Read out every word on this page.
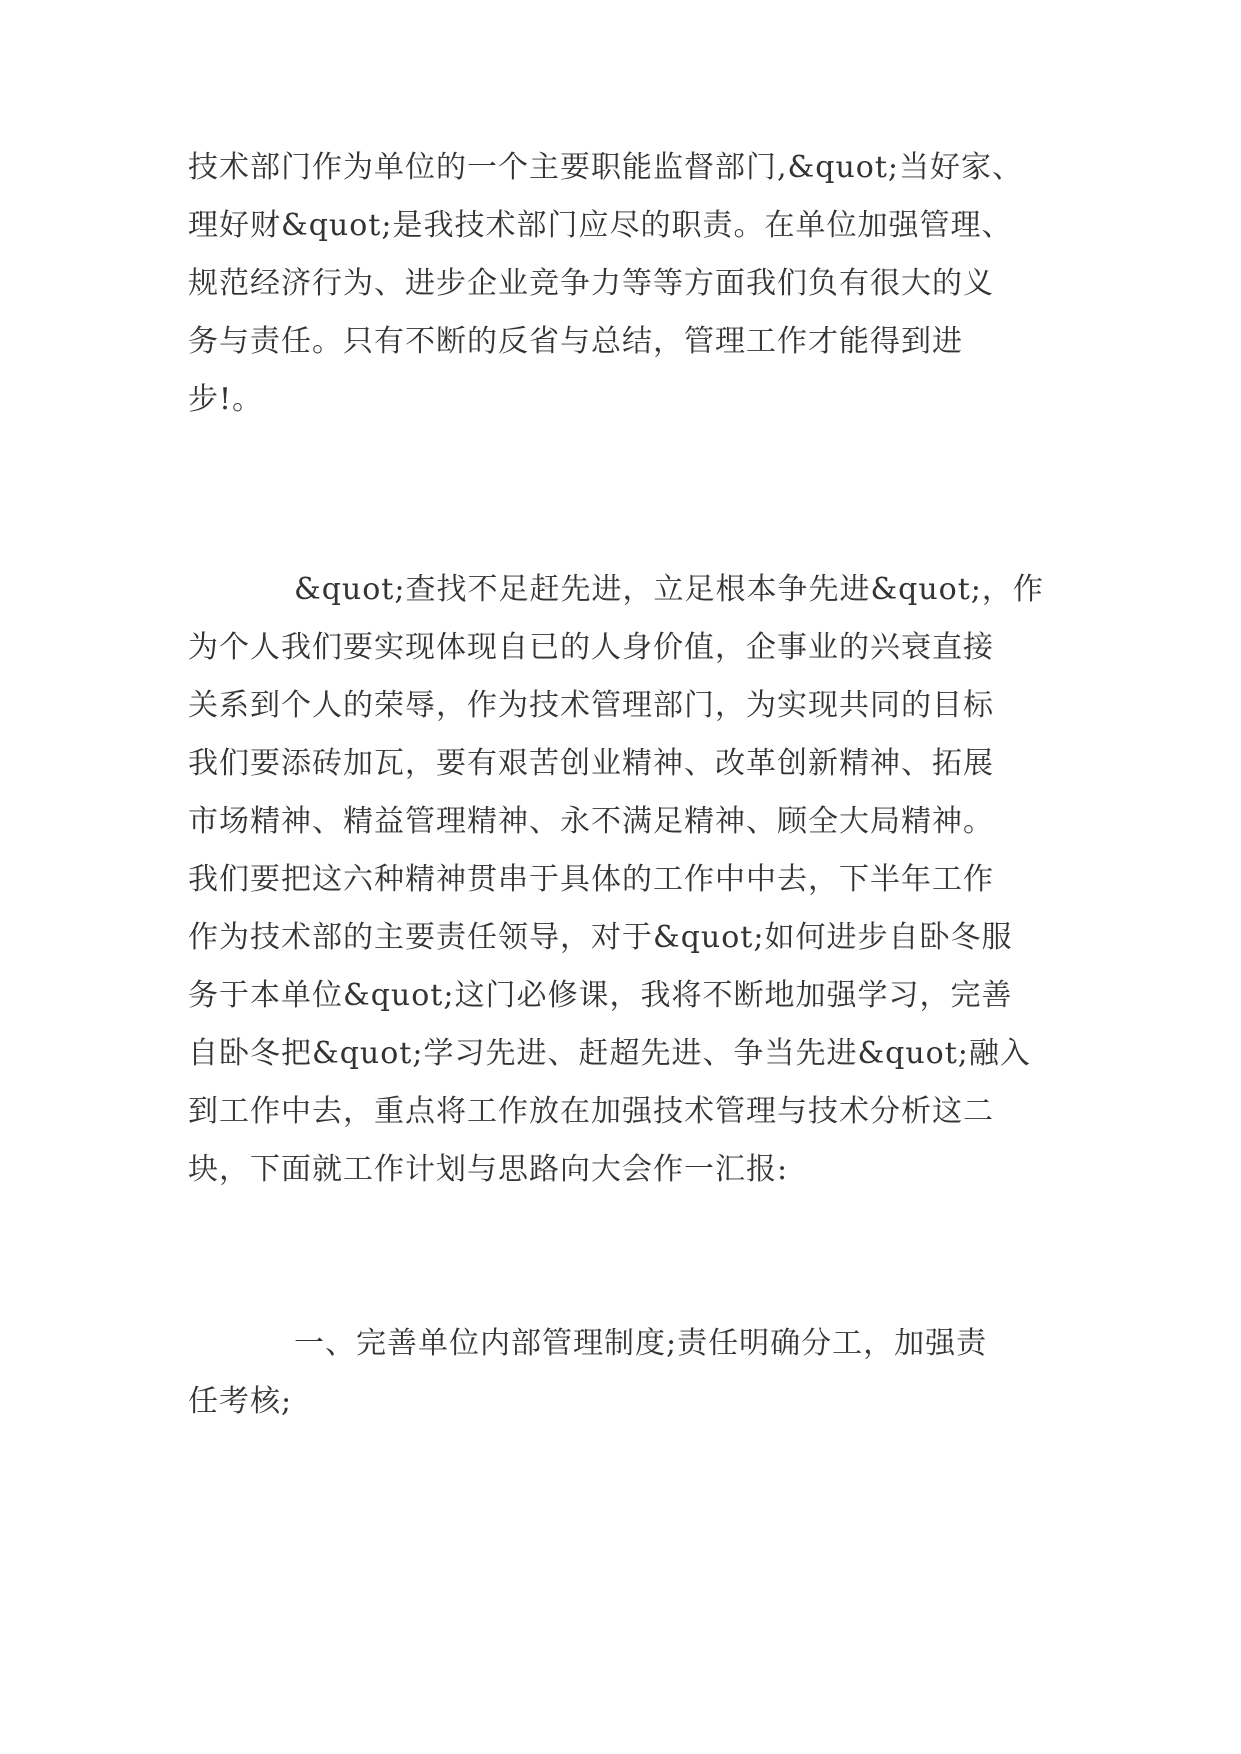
技术部门作为单位的一个主要职能监督部门,&quot;当好家、
理好财&quot;是我技术部门应尽的职责。在单位加强管理、
规范经济行为、进步企业竞争力等等方面我们负有很大的义
务与责任。只有不断的反省与总结，管理工作才能得到进
步!。
&quot;查找不足赶先进，立足根本争先进&quot;，作
为个人我们要实现体现自已的人身价值，企事业的兴衰直接
关系到个人的荣辱，作为技术管理部门，为实现共同的目标
我们要添砖加瓦，要有艰苦创业精神、改革创新精神、拓展
市场精神、精益管理精神、永不满足精神、顾全大局精神。
我们要把这六种精神贯串于具体的工作中中去，下半年工作
作为技术部的主要责任领导，对于&quot;如何进步自卧冬服
务于本单位&quot;这门必修课，我将不断地加强学习，完善
自卧冬把&quot;学习先进、赶超先进、争当先进&quot;融入
到工作中去，重点将工作放在加强技术管理与技术分析这二
块，下面就工作计划与思路向大会作一汇报:
一、完善单位内部管理制度;责任明确分工，加强责
任考核;
